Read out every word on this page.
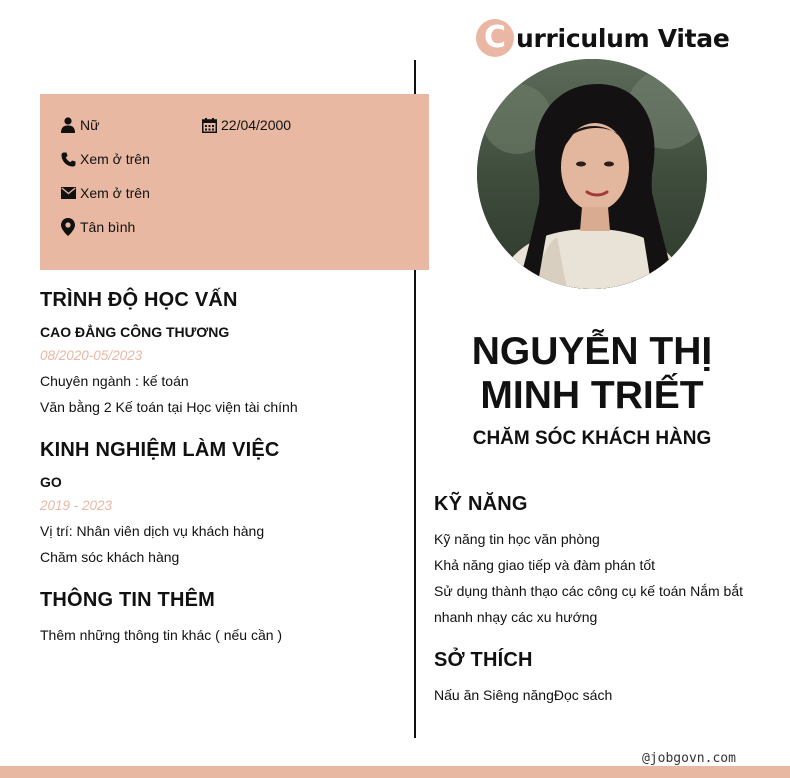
C urriculum Vitae
Nữ	22/04/2000
Xem ở trên
Xem ở trên
Tân bình
TRÌNH ĐỘ HỌC VẤN
CAO ĐẲNG CÔNG THƯƠNG
08/2020-05/2023
Chuyên ngành : kế toán
Văn bằng 2 Kế toán tại Học viện tài chính
KINH NGHIỆM LÀM VIỆC
GO
2019 - 2023
Vị trí: Nhân viên dịch vụ khách hàng
Chăm sóc khách hàng
THÔNG TIN THÊM
Thêm những thông tin khác ( nếu cần )
NGUYỄN THỊ
MINH TRIẾT
CHĂM SÓC KHÁCH HÀNG
KỸ NĂNG
Kỹ năng tin học văn phòng
Khả năng giao tiếp và đàm phán tốt
Sử dụng thành thạo các công cụ kế toán Nắm bắt
nhanh nhạy các xu hướng
SỞ THÍCH
Nấu ăn Siêng năngĐọc sách
@jobgovn.com
